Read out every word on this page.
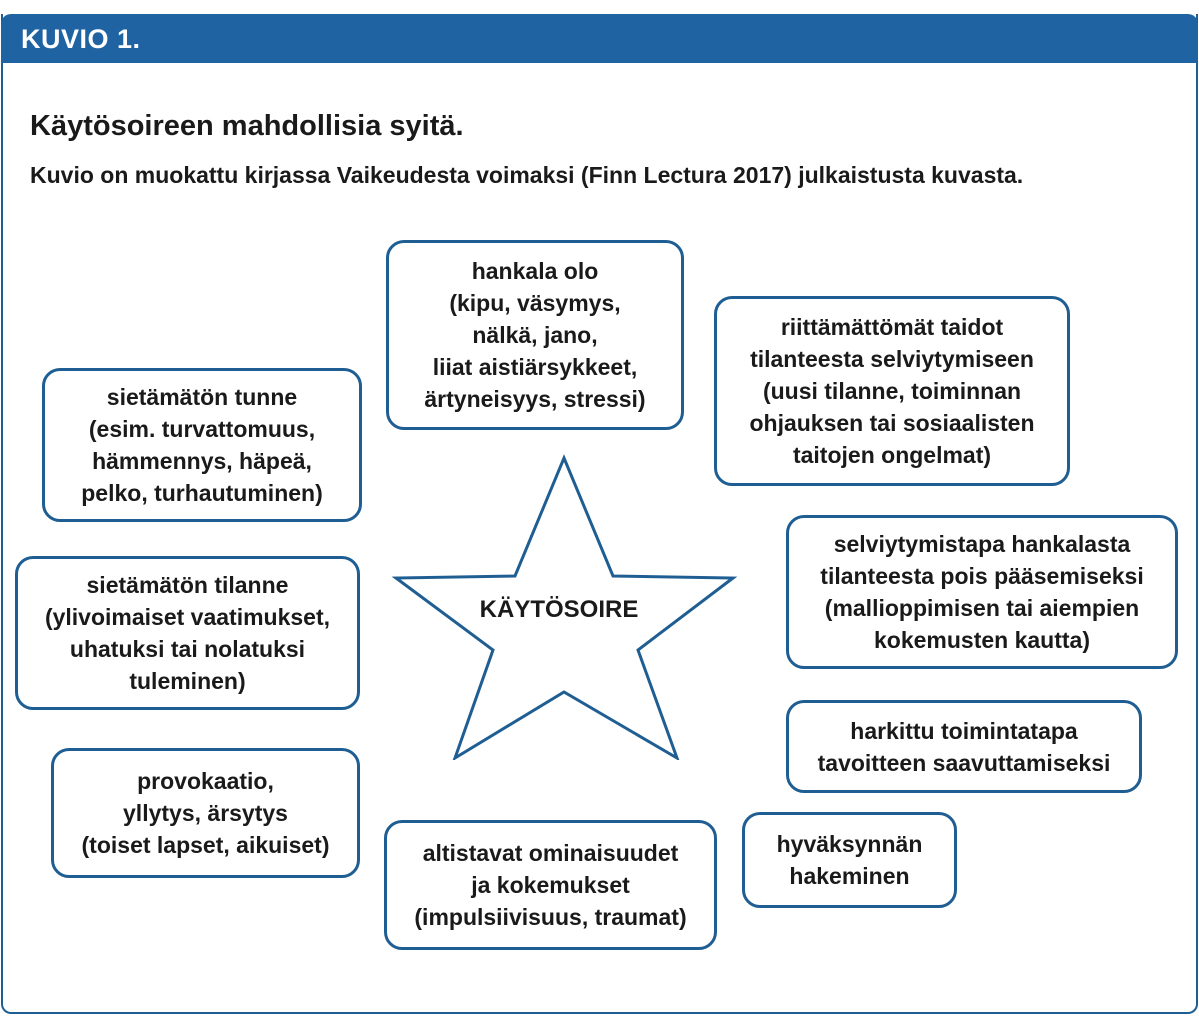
KUVIO 1.
Käytösoireen mahdollisia syitä.
Kuvio on muokattu kirjassa Vaikeudesta voimaksi (Finn Lectura 2017) julkaistusta kuvasta.
KÄYTÖSOIRE
hankala olo
(kipu, väsymys,
nälkä, jano,
liiat aistiärsykkeet,
ärtyneisyys, stressi)
riittämättömät taidot
tilanteesta selviytymiseen
(uusi tilanne, toiminnan
ohjauksen tai sosiaalisten
taitojen ongelmat)
sietämätön tunne
(esim. turvattomuus,
hämmennys, häpeä,
pelko, turhautuminen)
sietämätön tilanne
(ylivoimaiset vaatimukset,
uhatuksi tai nolatuksi
tuleminen)
selviytymistapa hankalasta
tilanteesta pois pääsemiseksi
(mallioppimisen tai aiempien
kokemusten kautta)
harkittu toimintatapa
tavoitteen saavuttamiseksi
provokaatio,
yllytys, ärsytys
(toiset lapset, aikuiset)	altistavat ominaisuudet
ja kokemukset
(impulsiivisuus, traumat)
hyväksynnän
hakeminen
